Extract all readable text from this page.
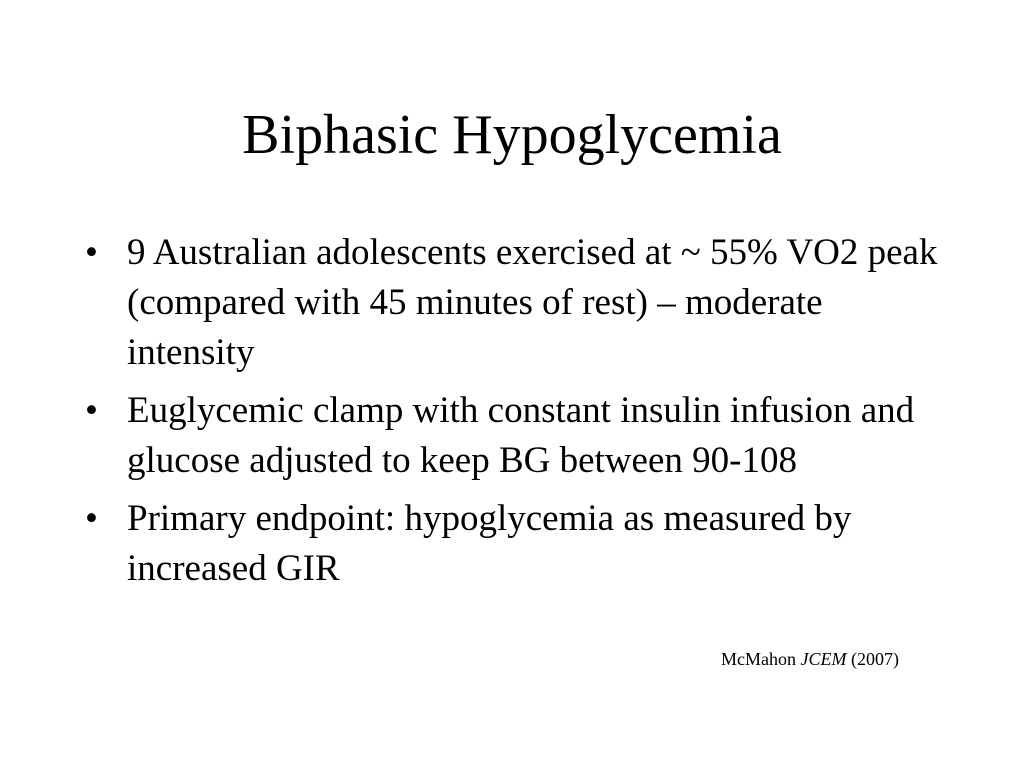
Biphasic Hypoglycemia
• 9 Australian adolescents exercised at ~ 55% VO2 peak (compared with 45 minutes of rest) – moderate intensity
• Euglycemic clamp with constant insulin infusion and glucose adjusted to keep BG between 90-108
• Primary endpoint: hypoglycemia as measured by increased GIR
McMahon JCEM (2007)
